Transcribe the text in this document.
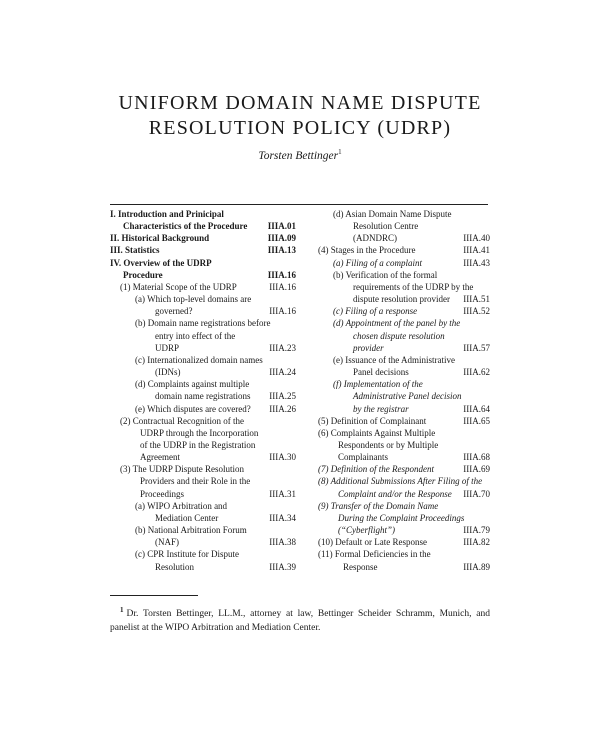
UNIFORM DOMAIN NAME DISPUTE
RESOLUTION POLICY (UDRP)
Torsten Bettinger$^1$
I. Introduction and Prinicipal
Characteristics of the Procedure	IIIA.01
II. Historical Background	IIIA.09
III. Statistics	IIIA.13
IV. Overview of the UDRP
Procedure	IIIA.16
(1) Material Scope of the UDRP	IIIA.16
(a) Which top-level domains are
governed?	IIIA.16
(b) Domain name registrations before
entry into effect of the
UDRP	IIIA.23
(c) Internationalized domain names
(IDNs)	IIIA.24
(d) Complaints against multiple
domain name registrations	IIIA.25
(e) Which disputes are covered?	IIIA.26
(2) Contractual Recognition of the
UDRP through the Incorporation
of the UDRP in the Registration
Agreement	IIIA.30
(3) The UDRP Dispute Resolution
Providers and their Role in the
Proceedings	IIIA.31
(a) WIPO Arbitration and
Mediation Center	IIIA.34
(b) National Arbitration Forum
(NAF)	IIIA.38
(c) CPR Institute for Dispute
Resolution	IIIA.39
(d) Asian Domain Name Dispute
Resolution Centre
(ADNDRC)	IIIA.40
(4) Stages in the Procedure	IIIA.41
(a) Filing of a complaint	IIIA.43
(b) Verification of the formal
requirements of the UDRP by the
dispute resolution provider	IIIA.51
(c) Filing of a response	IIIA.52
(d) Appointment of the panel by the
chosen dispute resolution
provider	IIIA.57
(e) Issuance of the Administrative
Panel decisions	IIIA.62
(f) Implementation of the
Administrative Panel decision
by the registrar	IIIA.64
(5) Definition of Complainant	IIIA.65
(6) Complaints Against Multiple
Respondents or by Multiple
Complainants	IIIA.68
(7) Definition of the Respondent	IIIA.69
(8) Additional Submissions After Filing of the
Complaint and/or the Response	IIIA.70
(9) Transfer of the Domain Name
During the Complaint Proceedings
(“Cyberflight”)	IIIA.79
(10) Default or Late Response	IIIA.82
(11) Formal Deficiencies in the
Response	IIIA.89
$^1$ Dr. Torsten Bettinger, LL.M., attorney at law, Bettinger Scheider Schramm, Munich, and panelist at the WIPO Arbitration and Mediation Center.
